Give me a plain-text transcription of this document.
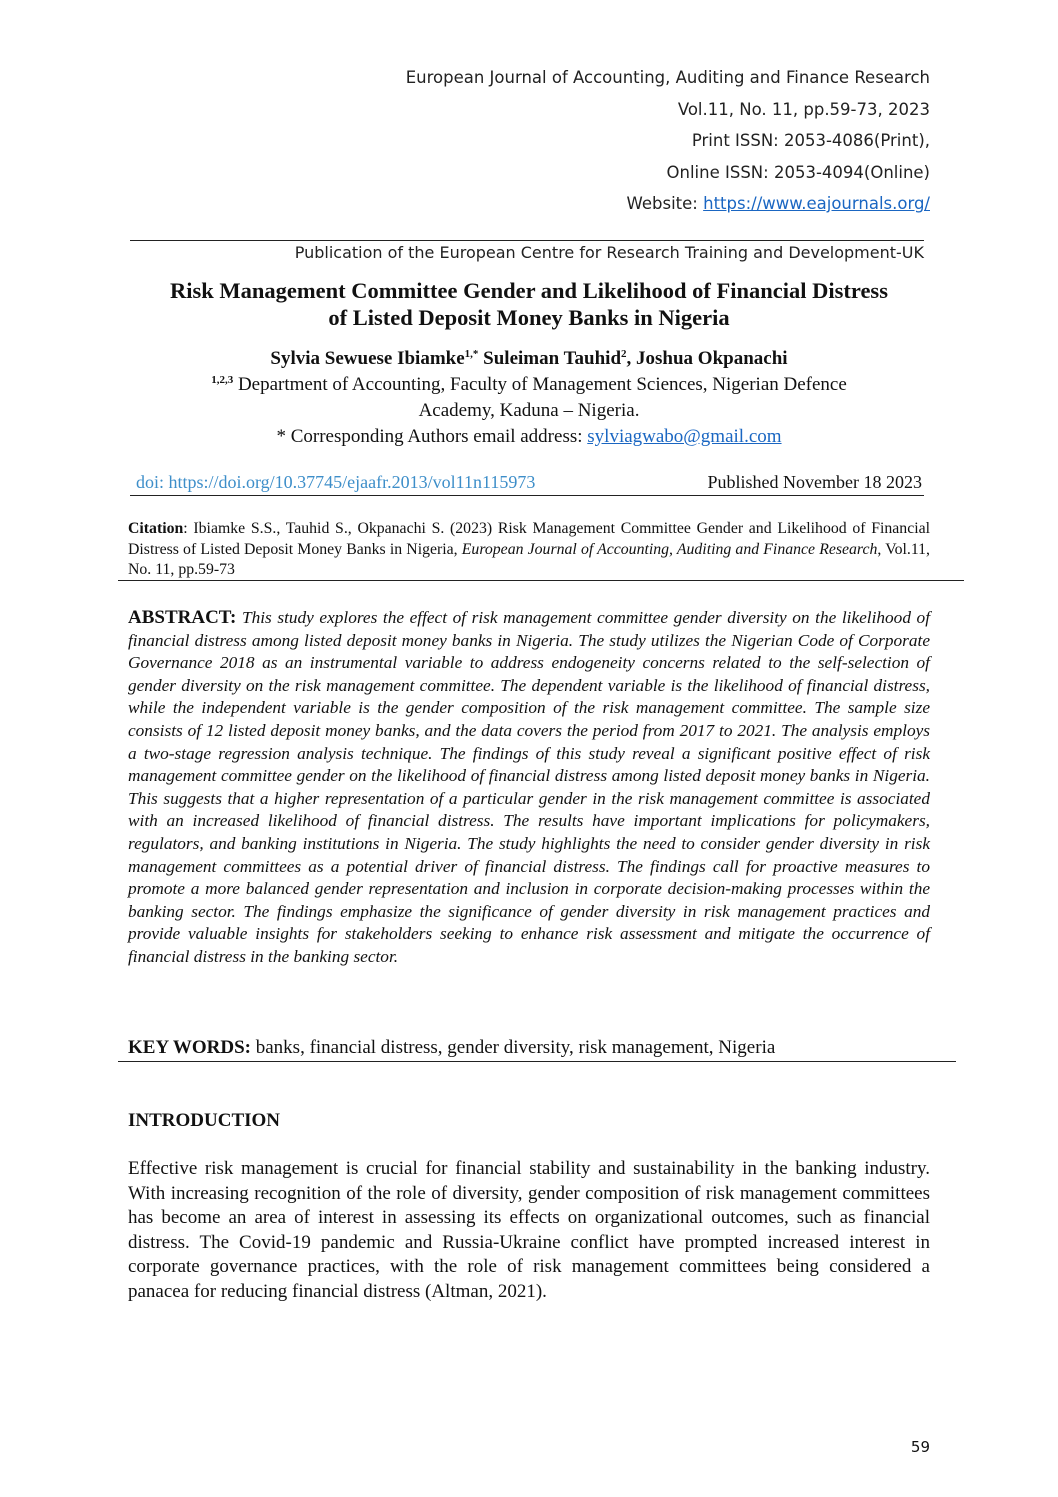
European Journal of Accounting, Auditing and Finance Research
Vol.11, No. 11, pp.59-73, 2023
Print ISSN: 2053-4086(Print),
Online ISSN: 2053-4094(Online)
Website: https://www.eajournals.org/
Publication of the European Centre for Research Training and Development-UK
Risk Management Committee Gender and Likelihood of Financial Distress
of Listed Deposit Money Banks in Nigeria
Sylvia Sewuese Ibiamke$^{1,*}$ Suleiman Tauhid$^2$, Joshua Okpanachi
$^{1,2,3}$ Department of Accounting, Faculty of Management Sciences, Nigerian Defence
Academy, Kaduna – Nigeria.
* Corresponding Authors email address: sylviagwabo@gmail.com
doi: https://doi.org/10.37745/ejaafr.2013/vol11n115973	Published November 18 2023
Citation: Ibiamke S.S., Tauhid S., Okpanachi S. (2023) Risk Management Committee Gender and Likelihood of Financial Distress of Listed Deposit Money Banks in Nigeria, European Journal of Accounting, Auditing and Finance Research, Vol.11, No. 11, pp.59-73
ABSTRACT: This study explores the effect of risk management committee gender diversity on the likelihood of financial distress among listed deposit money banks in Nigeria. The study utilizes the Nigerian Code of Corporate Governance 2018 as an instrumental variable to address endogeneity concerns related to the self-selection of gender diversity on the risk management committee. The dependent variable is the likelihood of financial distress, while the independent variable is the gender composition of the risk management committee. The sample size consists of 12 listed deposit money banks, and the data covers the period from 2017 to 2021. The analysis employs a two-stage regression analysis technique. The findings of this study reveal a significant positive effect of risk management committee gender on the likelihood of financial distress among listed deposit money banks in Nigeria. This suggests that a higher representation of a particular gender in the risk management committee is associated with an increased likelihood of financial distress. The results have important implications for policymakers, regulators, and banking institutions in Nigeria. The study highlights the need to consider gender diversity in risk management committees as a potential driver of financial distress. The findings call for proactive measures to promote a more balanced gender representation and inclusion in corporate decision-making processes within the banking sector. The findings emphasize the significance of gender diversity in risk management practices and provide valuable insights for stakeholders seeking to enhance risk assessment and mitigate the occurrence of financial distress in the banking sector.
KEY WORDS: banks, financial distress, gender diversity, risk management, Nigeria
INTRODUCTION
Effective risk management is crucial for financial stability and sustainability in the banking industry. With increasing recognition of the role of diversity, gender composition of risk management committees has become an area of interest in assessing its effects on organizational outcomes, such as financial distress. The Covid-19 pandemic and Russia-Ukraine conflict have prompted increased interest in corporate governance practices, with the role of risk management committees being considered a panacea for reducing financial distress (Altman, 2021).
59
